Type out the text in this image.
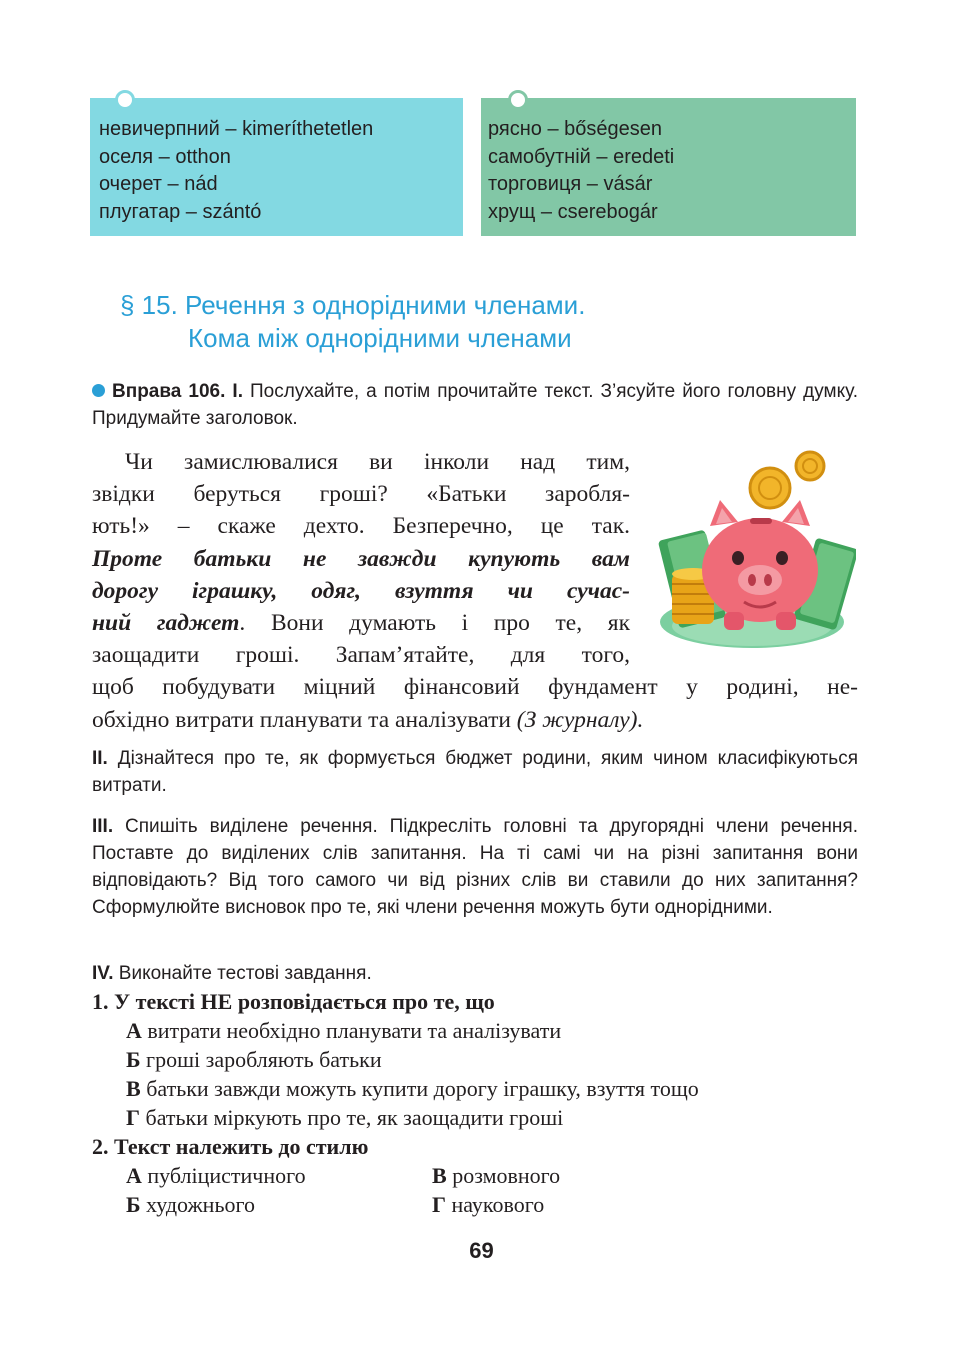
невичерпний – kimeríthetetlen
оселя – otthon
очерет – nád
плугатар – szántó
рясно – bőségesen
самобутній – eredeti
торговиця – vásár
хрущ – cserebogár
§ 15. Речення з однорідними членами.
Кома між однорідними членами
Вправа 106. І. Послухайте, а потім прочитайте текст. З’ясуйте його головну думку. Придумайте заголовок.
Чи замислювалися ви інколи над тим,
звідки беруться гроші? «Батьки заробля-
ють!» – скаже дехто. Безперечно, це так.
Проте батьки не завжди купують вам
дорогу іграшку, одяг, взуття чи сучас-
ний гаджет. Вони думають і про те, як
заощадити гроші. Запам’ятайте, для того,
щоб побудувати міцний фінансовий фундамент у родині, не-
обхідно витрати планувати та аналізувати (З журналу).
ІІ. Дізнайтеся про те, як формується бюджет родини, яким чином класифікуються витрати.
ІІІ. Спишіть виділене речення. Підкресліть головні та другорядні члени речення. Поставте до виділених слів запитання. На ті самі чи на різні запитання вони відповідають? Від того самого чи від різних слів ви ставили до них запитання? Сформулюйте висновок про те, які члени речення можуть бути однорідними.
IV. Виконайте тестові завдання.
1. У тексті НЕ розповідається про те, що
А витрати необхідно планувати та аналізувати
Б гроші заробляють батьки
В батьки завжди можуть купити дорогу іграшку, взуття тощо
Г батьки міркують про те, як заощадити гроші
2. Текст належить до стилю
А публіцистичного	В розмовного
Б художнього	Г наукового
69
